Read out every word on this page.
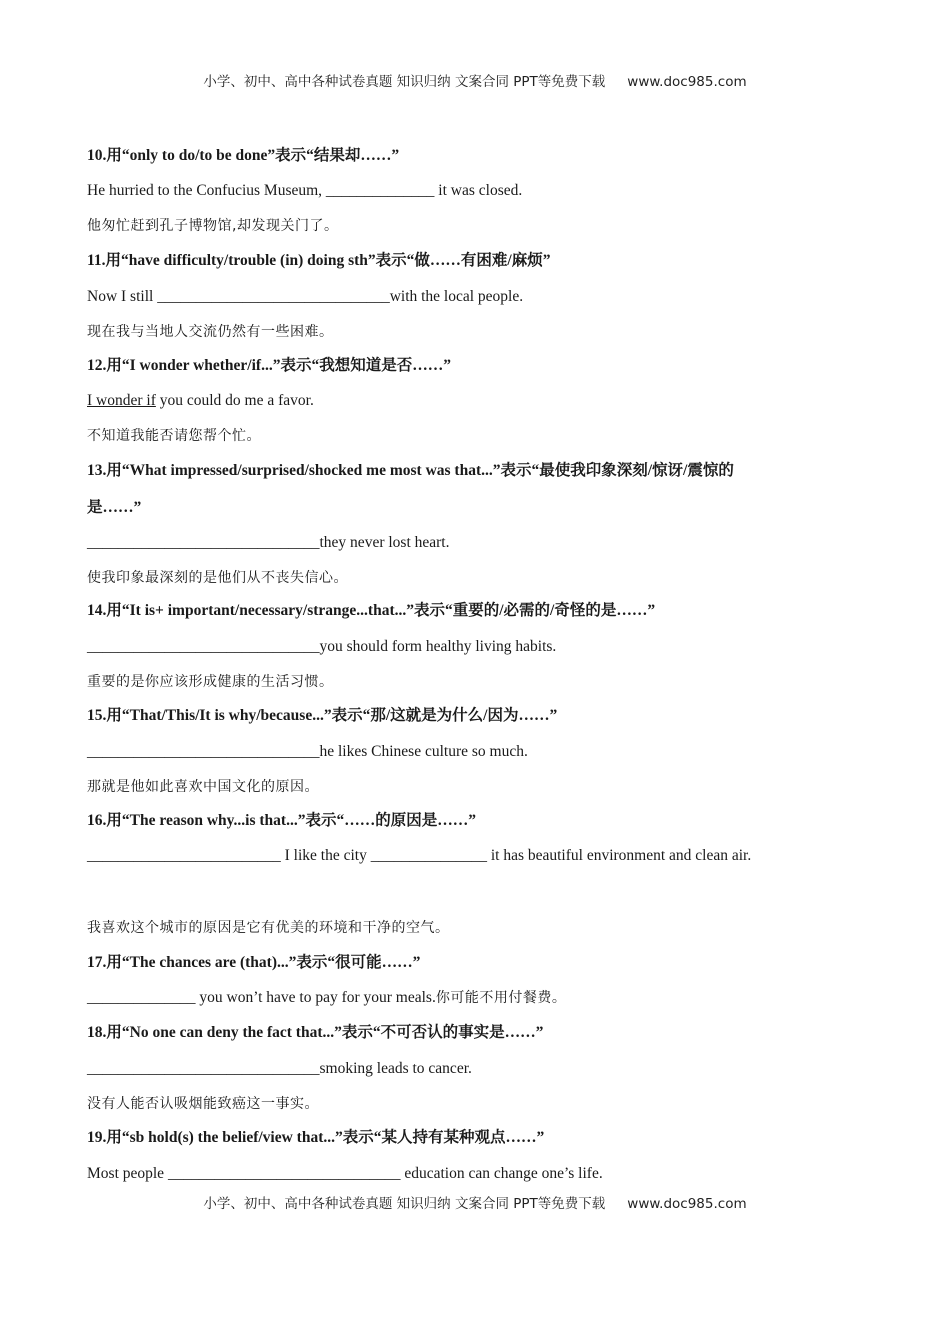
小学、初中、高中各种试卷真题 知识归纳 文案合同 PPT等免费下载 www.doc985.com
10.用“only to do/to be done”表示“结果却……”
He hurried to the Confucius Museum, ______________ it was closed.
他匆忙赶到孔子博物馆,却发现关门了。
11.用“have difficulty/trouble (in) doing sth”表示“做……有困难/麻烦”
Now I still ______________________________with the local people.
现在我与当地人交流仍然有一些困难。
12.用“I wonder whether/if...”表示“我想知道是否……”
I wonder if you could do me a favor.
不知道我能否请您帮个忙。
13.用“What impressed/surprised/shocked me most was that...”表示“最使我印象深刻/惊讶/震惊的
是……”
______________________________they never lost heart.
使我印象最深刻的是他们从不丧失信心。
14.用“It is+ important/necessary/strange...that...”表示“重要的/必需的/奇怪的是……”
______________________________you should form healthy living habits.
重要的是你应该形成健康的生活习惯。
15.用“That/This/It is why/because...”表示“那/这就是为什么/因为……”
______________________________he likes Chinese culture so much.
那就是他如此喜欢中国文化的原因。
16.用“The reason why...is that...”表示“……的原因是……”
_________________________ I like the city _______________ it has beautiful environment and clean air.
我喜欢这个城市的原因是它有优美的环境和干净的空气。
17.用“The chances are (that)...”表示“很可能……”
______________ you won’t have to pay for your meals.你可能不用付餐费。
18.用“No one can deny the fact that...”表示“不可否认的事实是……”
______________________________smoking leads to cancer.
没有人能否认吸烟能致癌这一事实。
19.用“sb hold(s) the belief/view that...”表示“某人持有某种观点……”
Most people ______________________________ education can change one’s life.
小学、初中、高中各种试卷真题 知识归纳 文案合同 PPT等免费下载 www.doc985.com
